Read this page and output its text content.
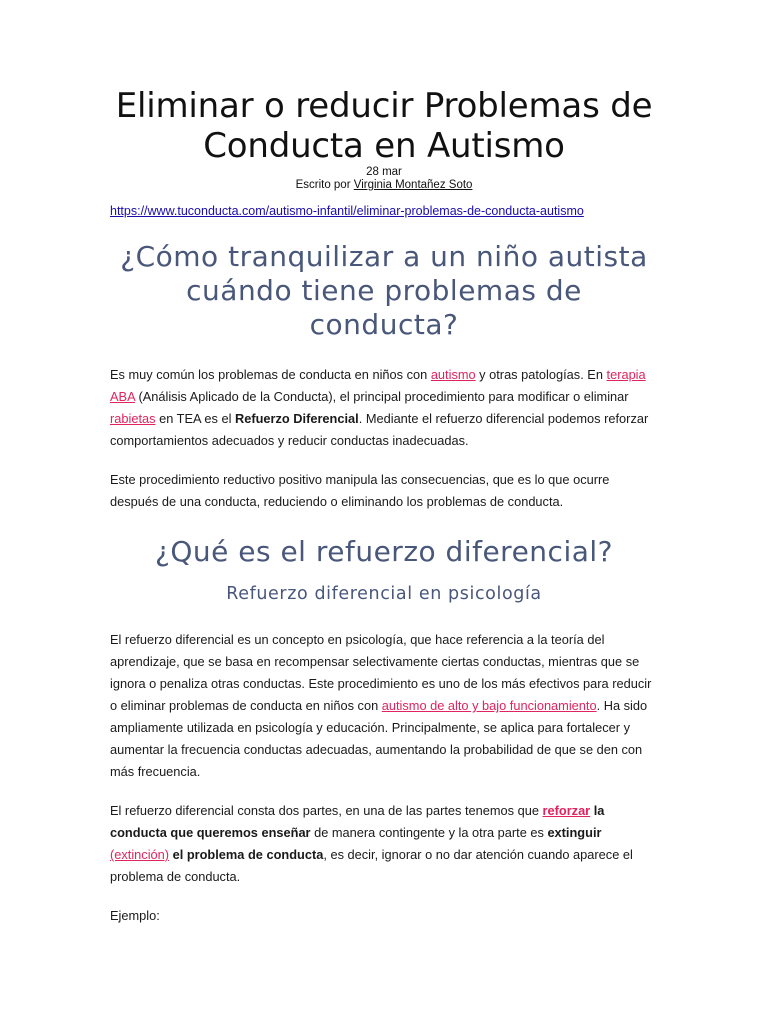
Eliminar o reducir Problemas de Conducta en Autismo
28 mar
Escrito por Virginia Montañez Soto
https://www.tuconducta.com/autismo-infantil/eliminar-problemas-de-conducta-autismo
¿Cómo tranquilizar a un niño autista cuándo tiene problemas de conducta?

Es muy común los problemas de conducta en niños con autismo y otras patologías. En terapia ABA (Análisis Aplicado de la Conducta), el principal procedimiento para modificar o eliminar rabietas en TEA es el Refuerzo Diferencial. Mediante el refuerzo diferencial podemos reforzar comportamientos adecuados y reducir conductas inadecuadas.

Este procedimiento reductivo positivo manipula las consecuencias, que es lo que ocurre después de una conducta, reduciendo o eliminando los problemas de conducta.

¿Qué es el refuerzo diferencial?
Refuerzo diferencial en psicología

El refuerzo diferencial es un concepto en psicología, que hace referencia a la teoría del aprendizaje, que se basa en recompensar selectivamente ciertas conductas, mientras que se ignora o penaliza otras conductas. Este procedimiento es uno de los más efectivos para reducir o eliminar problemas de conducta en niños con autismo de alto y bajo funcionamiento. Ha sido ampliamente utilizada en psicología y educación. Principalmente, se aplica para fortalecer y aumentar la frecuencia conductas adecuadas, aumentando la probabilidad de que se den con más frecuencia.

El refuerzo diferencial consta dos partes, en una de las partes tenemos que reforzar la conducta que queremos enseñar de manera contingente y la otra parte es extinguir (extinción) el problema de conducta, es decir, ignorar o no dar atención cuando aparece el problema de conducta.

Ejemplo:
